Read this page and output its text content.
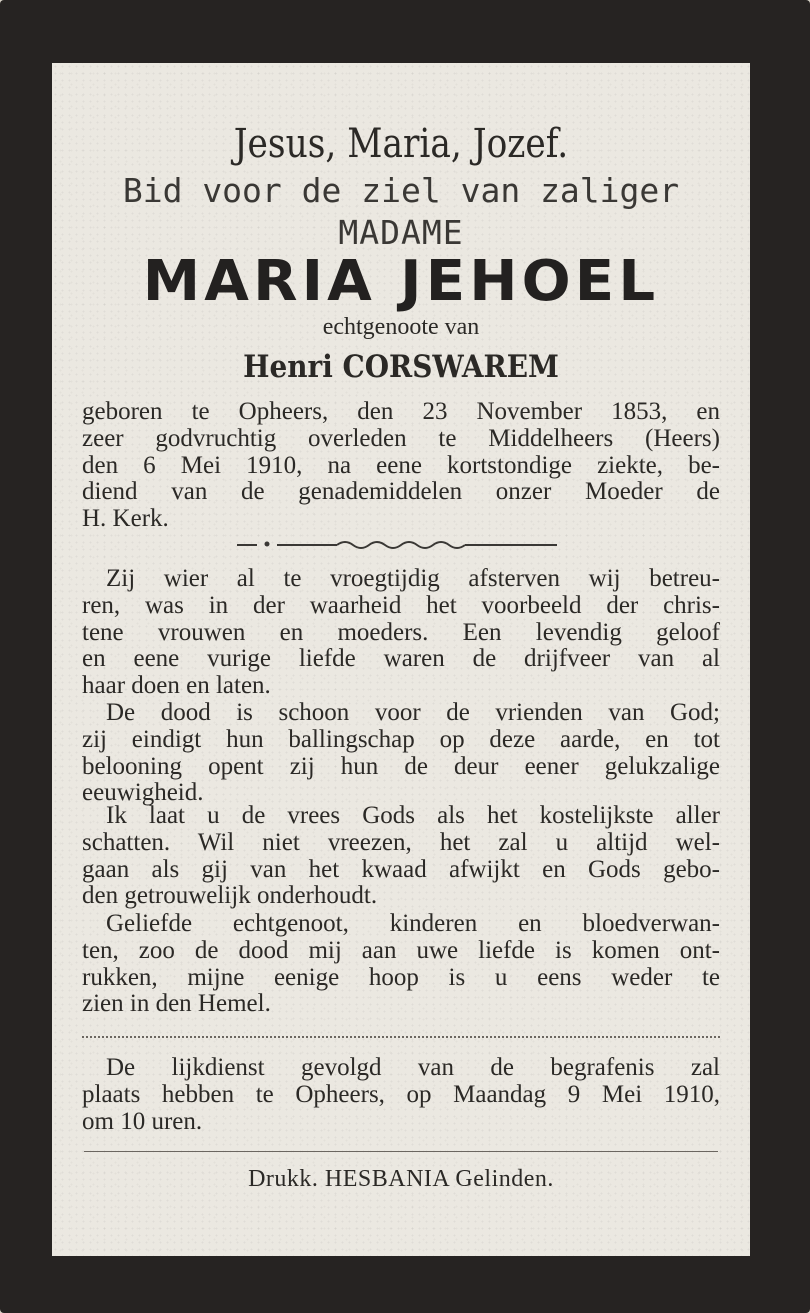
Jesus, Maria, Jozef.
Bid voor de ziel van zaliger
MADAME
MARIA JEHOEL
echtgenoote van
Henri CORSWAREM
geboren te Opheers, den 23 November 1853, en
zeer godvruchtig overleden te Middelheers (Heers)
den 6 Mei 1910, na eene kortstondige ziekte, be-
diend van de genademiddelen onzer Moeder de
H. Kerk.
Zij wier al te vroegtijdig afsterven wij betreu-
ren, was in der waarheid het voorbeeld der chris-
tene vrouwen en moeders. Een levendig geloof
en eene vurige liefde waren de drijfveer van al
haar doen en laten.
De dood is schoon voor de vrienden van God;
zij eindigt hun ballingschap op deze aarde, en tot
belooning opent zij hun de deur eener gelukzalige
eeuwigheid.
Ik laat u de vrees Gods als het kostelijkste aller
schatten. Wil niet vreezen, het zal u altijd wel-
gaan als gij van het kwaad afwijkt en Gods gebo-
den getrouwelijk onderhoudt.
Geliefde echtgenoot, kinderen en bloedverwan-
ten, zoo de dood mij aan uwe liefde is komen ont-
rukken, mijne eenige hoop is u eens weder te
zien in den Hemel.
De lijkdienst gevolgd van de begrafenis zal
plaats hebben te Opheers, op Maandag 9 Mei 1910,
om 10 uren.
Drukk. HESBANIA Gelinden.
